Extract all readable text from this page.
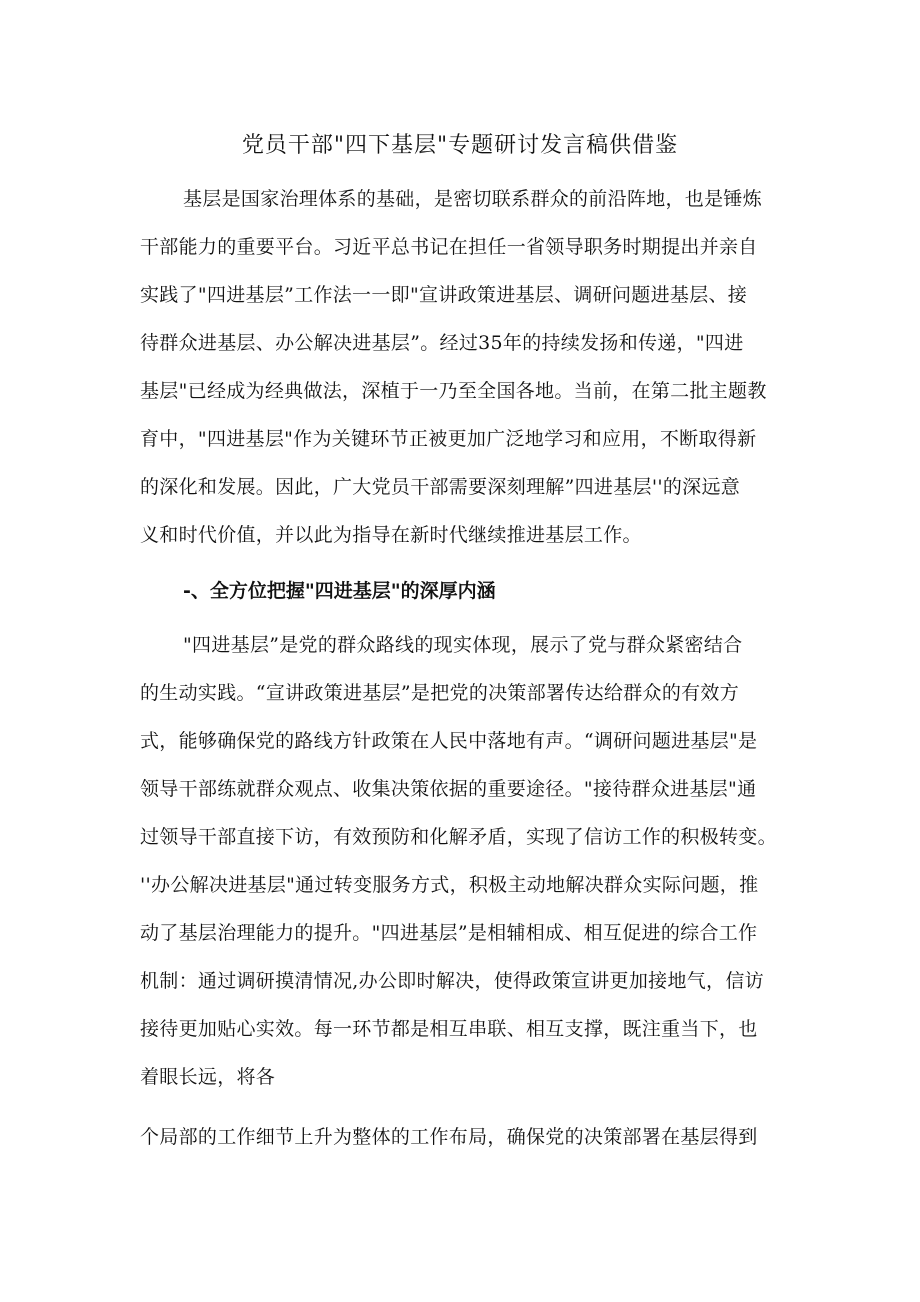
党员干部"四下基层"专题研讨发言稿供借鉴

基层是国家治理体系的基础，是密切联系群众的前沿阵地，也是锤炼

干部能力的重要平台。习近平总书记在担任一省领导职务时期提出并亲自

实践了"四进基层”工作法一一即"宣讲政策进基层、调研问题进基层、接

待群众进基层、办公解决进基层”。经过35年的持续发扬和传递，"四进

基层"已经成为经典做法，深植于一乃至全国各地。当前，在第二批主题教

育中，"四进基层"作为关键环节正被更加广泛地学习和应用，不断取得新

的深化和发展。因此，广大党员干部需要深刻理解”四进基层''的深远意

义和时代价值，并以此为指导在新时代继续推进基层工作。

-、全方位把握"四进基层"的深厚内涵

"四进基层”是党的群众路线的现实体现，展示了党与群众紧密结合

的生动实践。“宣讲政策进基层”是把党的决策部署传达给群众的有效方

式，能够确保党的路线方针政策在人民中落地有声。“调研问题进基层"是

领导干部练就群众观点、收集决策依据的重要途径。"接待群众进基层"通

过领导干部直接下访，有效预防和化解矛盾，实现了信访工作的积极转变。

''办公解决进基层"通过转变服务方式，积极主动地解决群众实际问题，推

动了基层治理能力的提升。"四进基层”是相辅相成、相互促进的综合工作

机制：通过调研摸清情况,办公即时解决，使得政策宣讲更加接地气，信访

接待更加贴心实效。每一环节都是相互串联、相互支撑，既注重当下，也

着眼长远，将各

个局部的工作细节上升为整体的工作布局，确保党的决策部署在基层得到
